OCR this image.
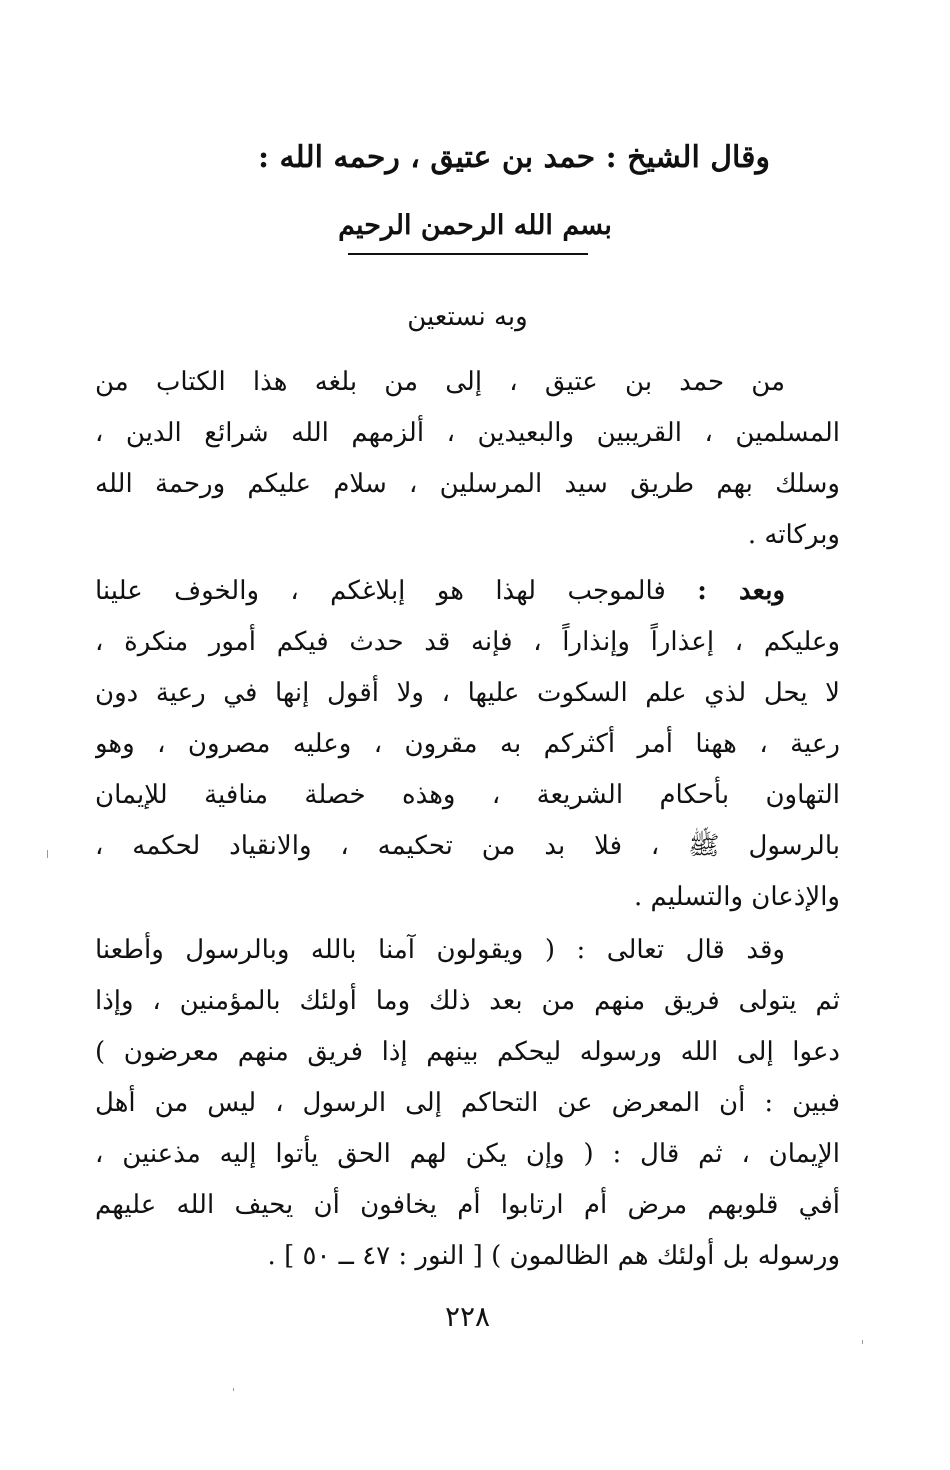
وقال الشيخ : حمد بن عتيق ، رحمه الله :
بسم الله الرحمن الرحيم
وبه نستعين
من حمد بن عتيق ، إلى من بلغه هذا الكتاب من
المسلمين ، القريبين والبعيدين ، ألزمهم الله شرائع الدين ،
وسلك بهم طريق سيد المرسلين ، سلام عليكم ورحمة الله
وبركاته .
وبعد : فالموجب لهذا هو إبلاغكم ، والخوف علينا
وعليكم ، إعذاراً وإنذاراً ، فإنه قد حدث فيكم أمور منكرة ،
لا يحل لذي علم السكوت عليها ، ولا أقول إنها في رعية دون
رعية ، ههنا أمر أكثركم به مقرون ، وعليه مصرون ، وهو
التهاون بأحكام الشريعة ، وهذه خصلة منافية للإيمان
بالرسول ﷺ ، فلا بد من تحكيمه ، والانقياد لحكمه ،
والإذعان والتسليم .
وقد قال تعالى : ( ويقولون آمنا بالله وبالرسول وأطعنا
ثم يتولى فريق منهم من بعد ذلك وما أولئك بالمؤمنين ، وإذا
دعوا إلى الله ورسوله ليحكم بينهم إذا فريق منهم معرضون )
فبين : أن المعرض عن التحاكم إلى الرسول ، ليس من أهل
الإيمان ، ثم قال : ( وإن يكن لهم الحق يأتوا إليه مذعنين ،
أفي قلوبهم مرض أم ارتابوا أم يخافون أن يحيف الله عليهم
ورسوله بل أولئك هم الظالمون ) [ النور : ٤٧ ــ ٥٠ ] .
٢٢٨
